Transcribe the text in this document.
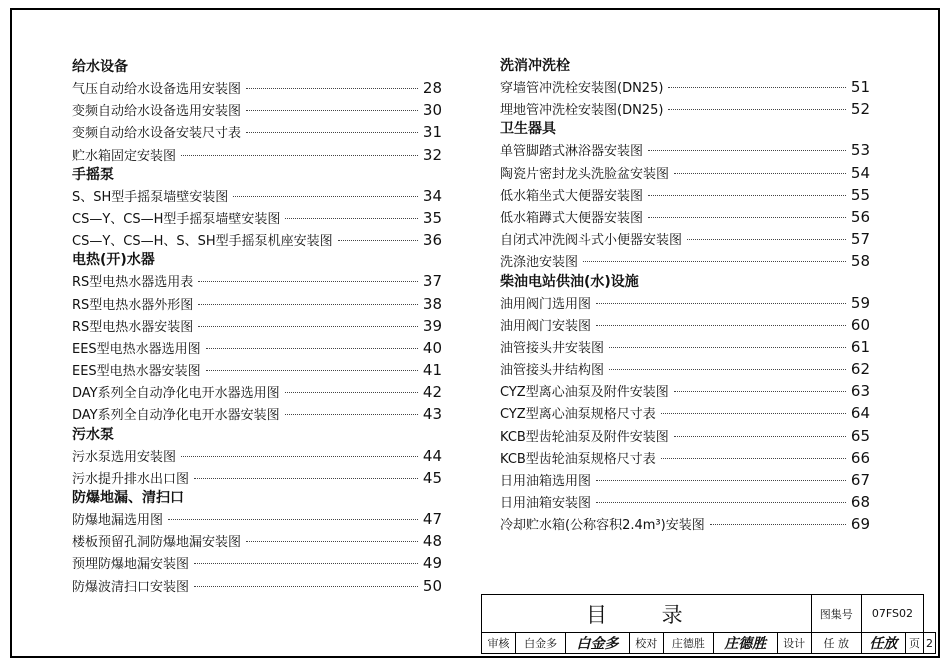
给水设备
气压自动给水设备选用安装图	28
变频自动给水设备选用安装图	30
变频自动给水设备安装尺寸表	31
贮水箱固定安装图	32
手摇泵
S、SH型手摇泵墙壁安装图	34
CS—Y、CS—H型手摇泵墙壁安装图	35
CS—Y、CS—H、S、SH型手摇泵机座安装图	36
电热(开)水器
RS型电热水器选用表	37
RS型电热水器外形图	38
RS型电热水器安装图	39
EES型电热水器选用图	40
EES型电热水器安装图	41
DAY系列全自动净化电开水器选用图	42
DAY系列全自动净化电开水器安装图	43
污水泵
污水泵选用安装图	44
污水提升排水出口图	45
防爆地漏、清扫口
防爆地漏选用图	47
楼板预留孔洞防爆地漏安装图	48
预埋防爆地漏安装图	49
防爆波清扫口安装图	50
洗消冲洗栓
穿墙管冲洗栓安装图(DN25)	51
埋地管冲洗栓安装图(DN25)	52
卫生器具
单管脚踏式淋浴器安装图	53
陶瓷片密封龙头洗脸盆安装图	54
低水箱坐式大便器安装图	55
低水箱蹲式大便器安装图	56
自闭式冲洗阀斗式小便器安装图	57
洗涤池安装图	58
柴油电站供油(水)设施
油用阀门选用图	59
油用阀门安装图	60
油管接头井安装图	61
油管接头井结构图	62
CYZ型离心油泵及附件安装图	63
CYZ型离心油泵规格尺寸表	64
KCB型齿轮油泵及附件安装图	65
KCB型齿轮油泵规格尺寸表	66
日用油箱选用图	67
日用油箱安装图	68
冷却贮水箱(公称容积2.4m³)安装图	69
目 录							图集号	07FS02		
审核	白金多	白金多	校对	庄德胜	庄德胜	设计	任 放	任放	页	2
